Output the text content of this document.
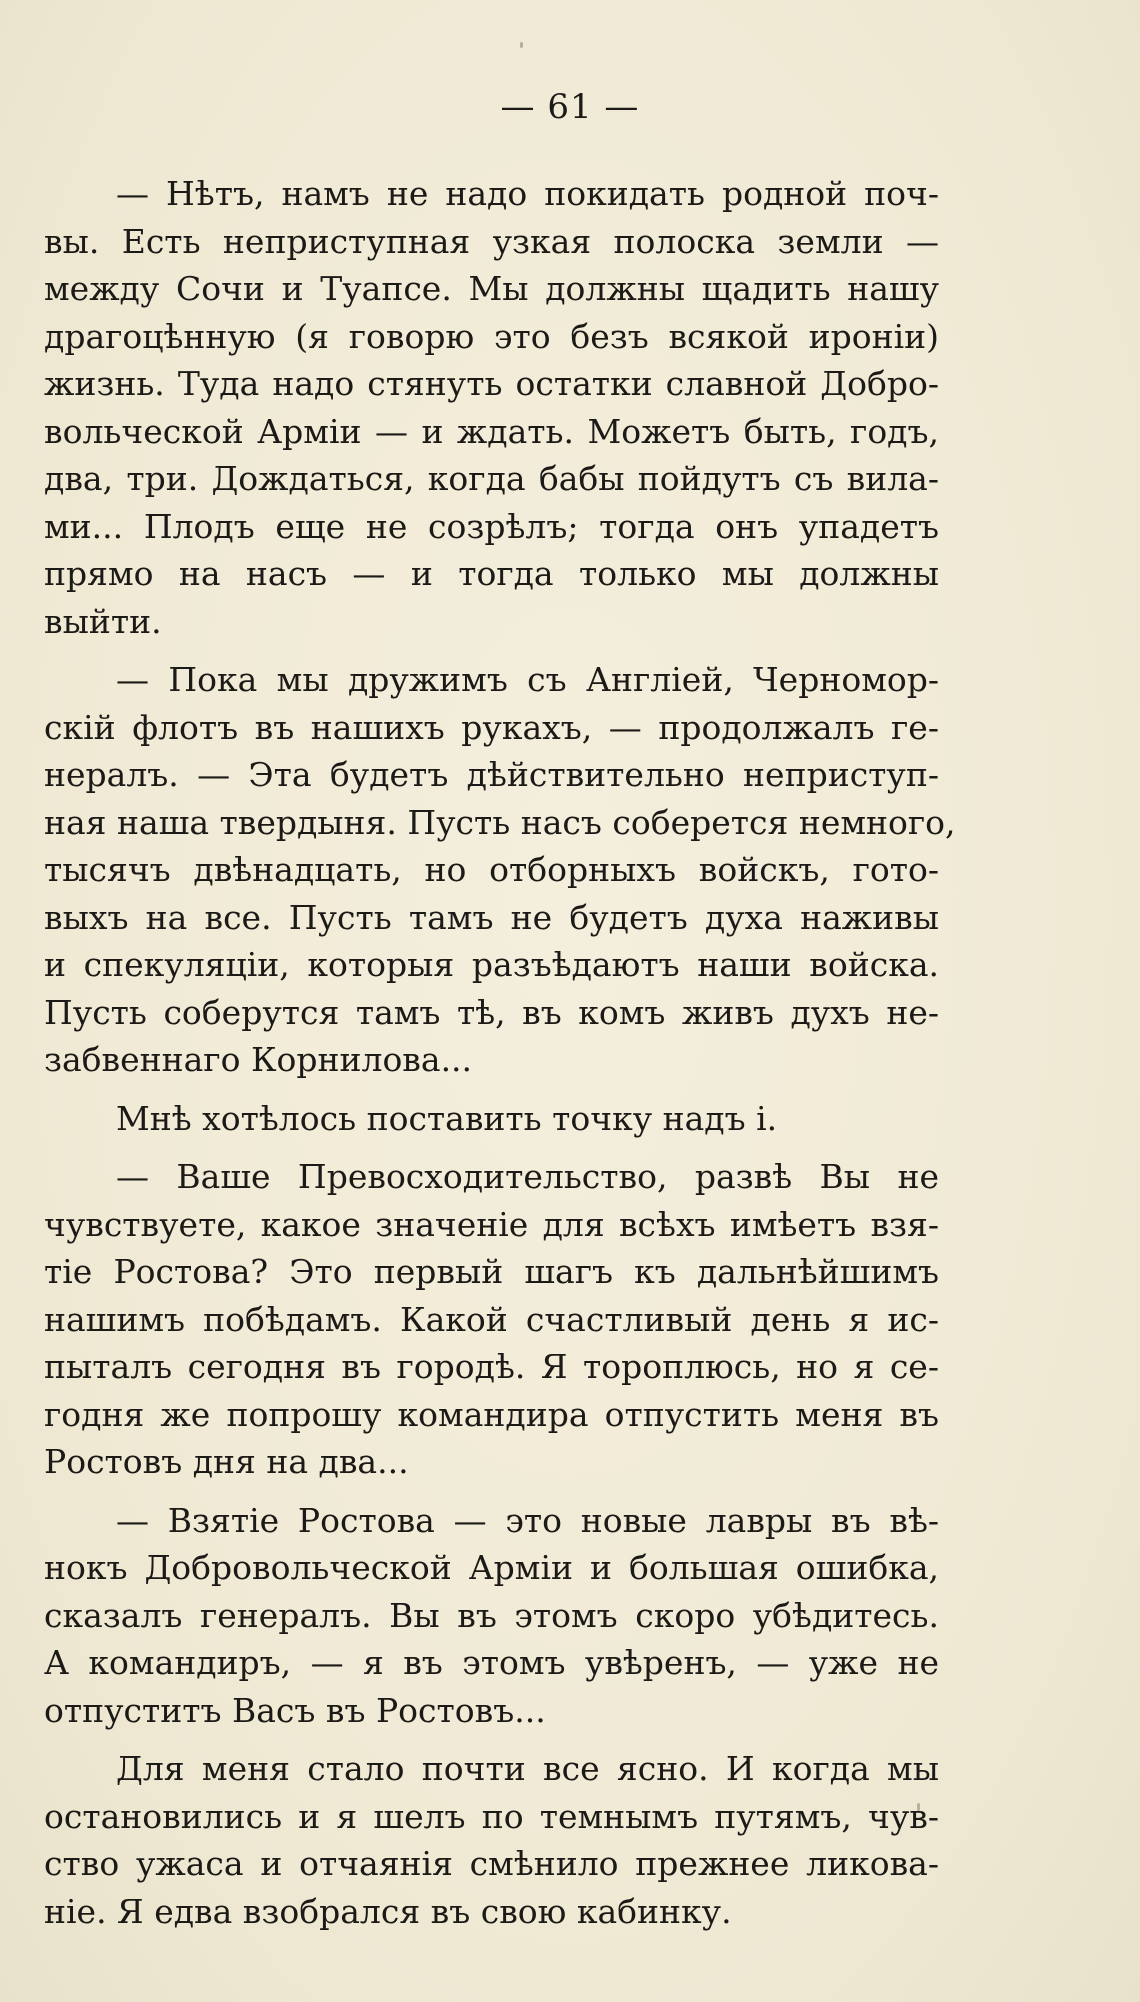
— 61 —
— Нѣтъ, намъ не надо покидать родной поч-
вы. Есть неприступная узкая полоска земли —
между Сочи и Туапсе. Мы должны щадить нашу
драгоцѣнную (я говорю это безъ всякой ироніи)
жизнь. Туда надо стянуть остатки славной Добро-
вольческой Арміи — и ждать. Можетъ быть, годъ,
два, три. Дождаться, когда бабы пойдутъ съ вила-
ми... Плодъ еще не созрѣлъ; тогда онъ упадетъ
прямо на насъ — и тогда только мы должны
выйти.
— Пока мы дружимъ съ Англіей, Черномор-
скій флотъ въ нашихъ рукахъ, — продолжалъ ге-
нералъ. — Эта будетъ дѣйствительно неприступ-
ная наша твердыня. Пусть насъ соберется немного,
тысячъ двѣнадцать, но отборныхъ войскъ, гото-
выхъ на все. Пусть тамъ не будетъ духа наживы
и спекуляціи, которыя разъѣдаютъ наши войска.
Пусть соберутся тамъ тѣ, въ комъ живъ духъ не-
забвеннаго Корнилова...
Мнѣ хотѣлось поставить точку надъ і.
— Ваше Превосходительство, развѣ Вы не
чувствуете, какое значеніе для всѣхъ имѣетъ взя-
тіе Ростова? Это первый шагъ къ дальнѣйшимъ
нашимъ побѣдамъ. Какой счастливый день я ис-
пыталъ сегодня въ городѣ. Я тороплюсь, но я се-
годня же попрошу командира отпустить меня въ
Ростовъ дня на два...
— Взятіе Ростова — это новые лавры въ вѣ-
нокъ Добровольческой Арміи и большая ошибка,
сказалъ генералъ. Вы въ этомъ скоро убѣдитесь.
А командиръ, — я въ этомъ увѣренъ, — уже не
отпуститъ Васъ въ Ростовъ...
Для меня стало почти все ясно. И когда мы
остановились и я шелъ по темнымъ путямъ, чув-
ство ужаса и отчаянія смѣнило прежнее ликова-
ніе. Я едва взобрался въ свою кабинку.
